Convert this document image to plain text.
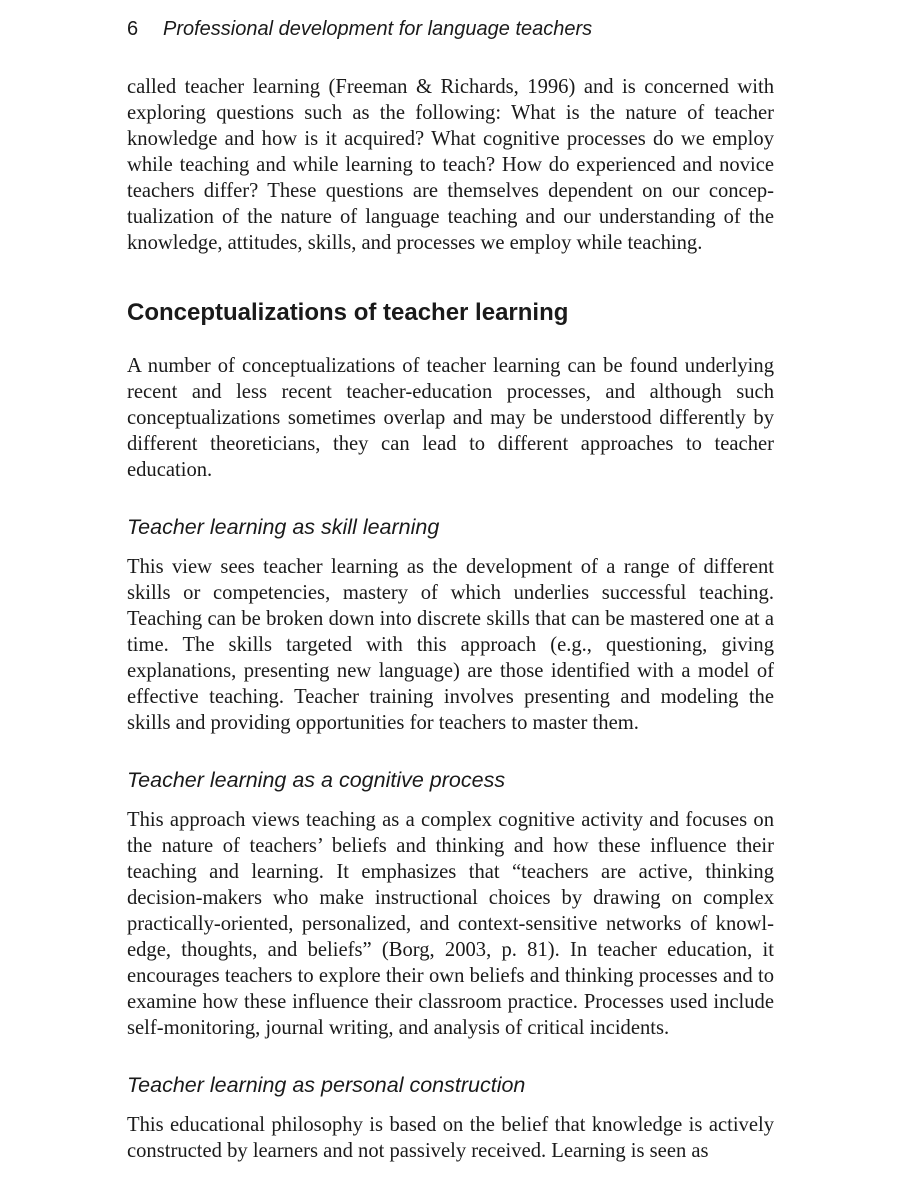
6 Professional development for language teachers

called teacher learning (Freeman & Richards, 1996) and is concerned with exploring questions such as the following: What is the nature of teacher knowledge and how is it acquired? What cognitive processes do we employ while teaching and while learning to teach? How do experienced and novice teachers differ? These questions are themselves dependent on our conceptualization of the nature of language teaching and our understanding of the knowledge, attitudes, skills, and processes we employ while teaching.

Conceptualizations of teacher learning

A number of conceptualizations of teacher learning can be found underlying recent and less recent teacher-education processes, and although such conceptualizations sometimes overlap and may be understood differently by different theoreticians, they can lead to different approaches to teacher education.

Teacher learning as skill learning

This view sees teacher learning as the development of a range of different skills or competencies, mastery of which underlies successful teaching. Teaching can be broken down into discrete skills that can be mastered one at a time. The skills targeted with this approach (e.g., questioning, giving explanations, presenting new language) are those identified with a model of effective teaching. Teacher training involves presenting and modeling the skills and providing opportunities for teachers to master them.

Teacher learning as a cognitive process

This approach views teaching as a complex cognitive activity and focuses on the nature of teachers’ beliefs and thinking and how these influence their teaching and learning. It emphasizes that “teachers are active, thinking decision-makers who make instructional choices by drawing on complex practically-oriented, personalized, and context-sensitive networks of knowledge, thoughts, and beliefs” (Borg, 2003, p. 81). In teacher education, it encourages teachers to explore their own beliefs and thinking processes and to examine how these influence their classroom practice. Processes used include self-monitoring, journal writing, and analysis of critical incidents.

Teacher learning as personal construction

This educational philosophy is based on the belief that knowledge is actively constructed by learners and not passively received. Learning is seen as
